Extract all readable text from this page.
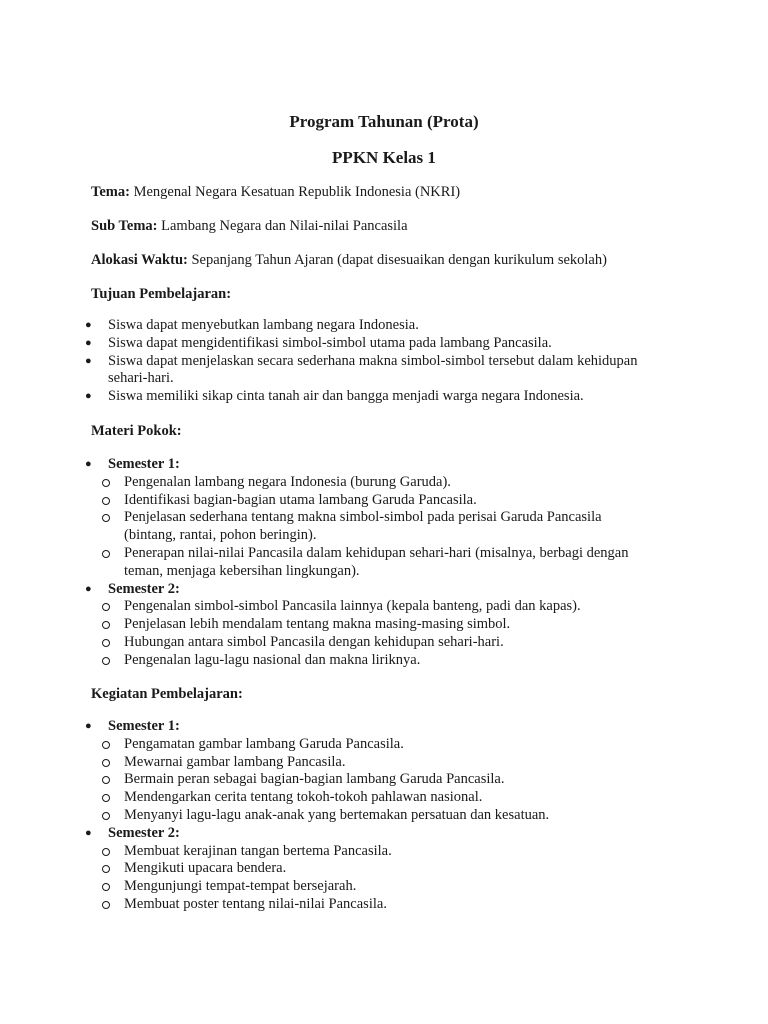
Program Tahunan (Prota)
PPKN Kelas 1
Tema: Mengenal Negara Kesatuan Republik Indonesia (NKRI)
Sub Tema: Lambang Negara dan Nilai-nilai Pancasila
Alokasi Waktu: Sepanjang Tahun Ajaran (dapat disesuaikan dengan kurikulum sekolah)
Tujuan Pembelajaran:
● Siswa dapat menyebutkan lambang negara Indonesia.
● Siswa dapat mengidentifikasi simbol-simbol utama pada lambang Pancasila.
● Siswa dapat menjelaskan secara sederhana makna simbol-simbol tersebut dalam kehidupan sehari-hari.
● Siswa memiliki sikap cinta tanah air dan bangga menjadi warga negara Indonesia.
Materi Pokok:
● Semester 1:
Pengenalan lambang negara Indonesia (burung Garuda).
Identifikasi bagian-bagian utama lambang Garuda Pancasila.
Penjelasan sederhana tentang makna simbol-simbol pada perisai Garuda Pancasila (bintang, rantai, pohon beringin).
Penerapan nilai-nilai Pancasila dalam kehidupan sehari-hari (misalnya, berbagi dengan teman, menjaga kebersihan lingkungan).
● Semester 2:
Pengenalan simbol-simbol Pancasila lainnya (kepala banteng, padi dan kapas).
Penjelasan lebih mendalam tentang makna masing-masing simbol.
Hubungan antara simbol Pancasila dengan kehidupan sehari-hari.
Pengenalan lagu-lagu nasional dan makna liriknya.
Kegiatan Pembelajaran:
● Semester 1:
Pengamatan gambar lambang Garuda Pancasila.
Mewarnai gambar lambang Pancasila.
Bermain peran sebagai bagian-bagian lambang Garuda Pancasila.
Mendengarkan cerita tentang tokoh-tokoh pahlawan nasional.
Menyanyi lagu-lagu anak-anak yang bertemakan persatuan dan kesatuan.
● Semester 2:
Membuat kerajinan tangan bertema Pancasila.
Mengikuti upacara bendera.
Mengunjungi tempat-tempat bersejarah.
Membuat poster tentang nilai-nilai Pancasila.
